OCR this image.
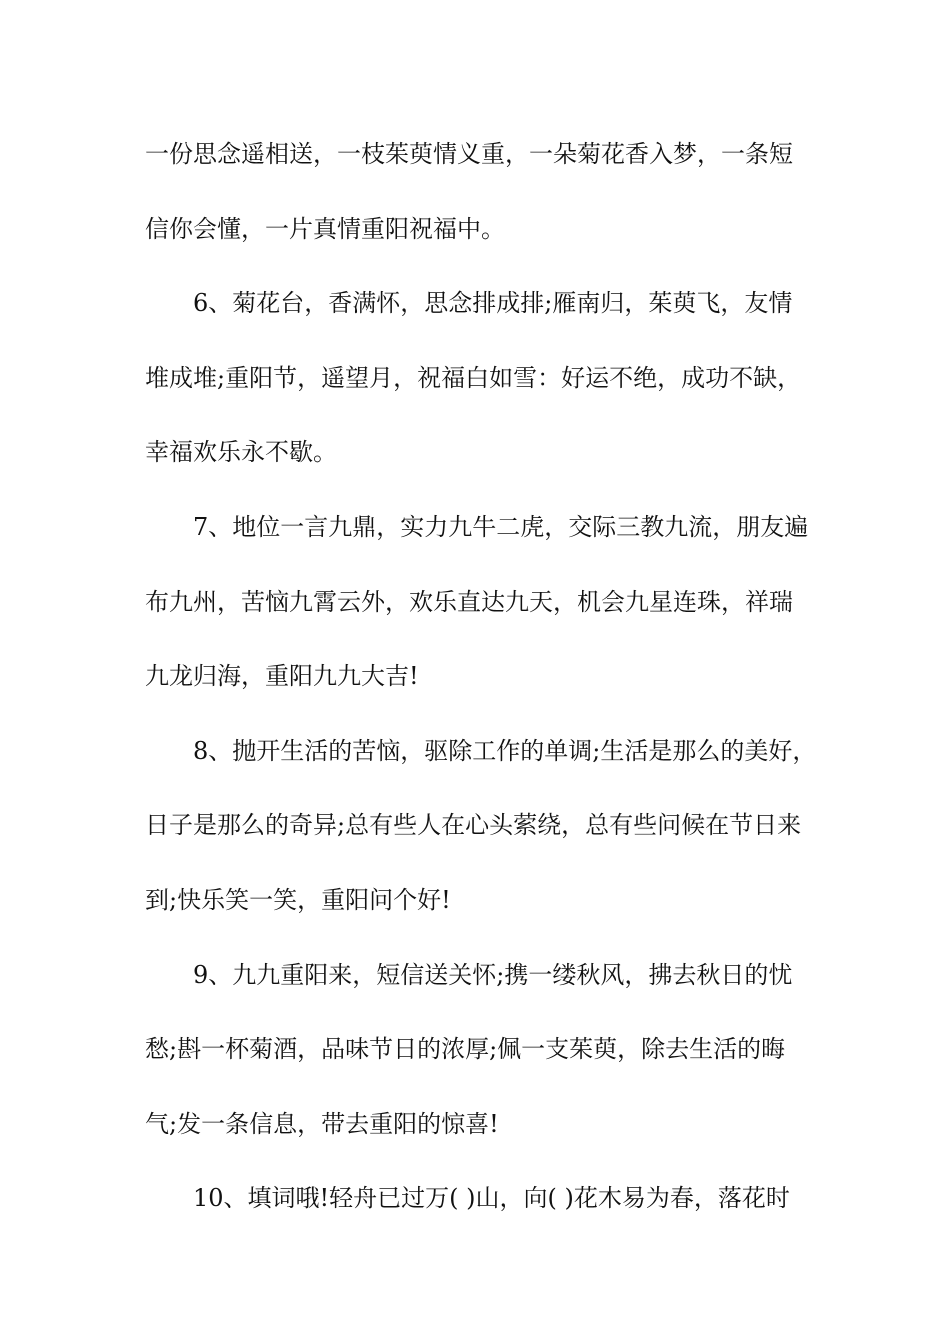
一份思念遥相送，一枝茱萸情义重，一朵菊花香入梦，一条短

信你会懂，一片真情重阳祝福中。

6、菊花台，香满怀，思念排成排;雁南归，茱萸飞，友情

堆成堆;重阳节，遥望月，祝福白如雪：好运不绝，成功不缺，

幸福欢乐永不歇。

7、地位一言九鼎，实力九牛二虎，交际三教九流，朋友遍

布九州，苦恼九霄云外，欢乐直达九天，机会九星连珠，祥瑞

九龙归海，重阳九九大吉!

8、抛开生活的苦恼，驱除工作的单调;生活是那么的美好，

日子是那么的奇异;总有些人在心头萦绕，总有些问候在节日来

到;快乐笑一笑，重阳问个好!

9、九九重阳来，短信送关怀;携一缕秋风，拂去秋日的忧

愁;斟一杯菊酒，品味节日的浓厚;佩一支茱萸，除去生活的晦

气;发一条信息，带去重阳的惊喜!

10、填词哦!轻舟已过万( )山，向( )花木易为春，落花时
